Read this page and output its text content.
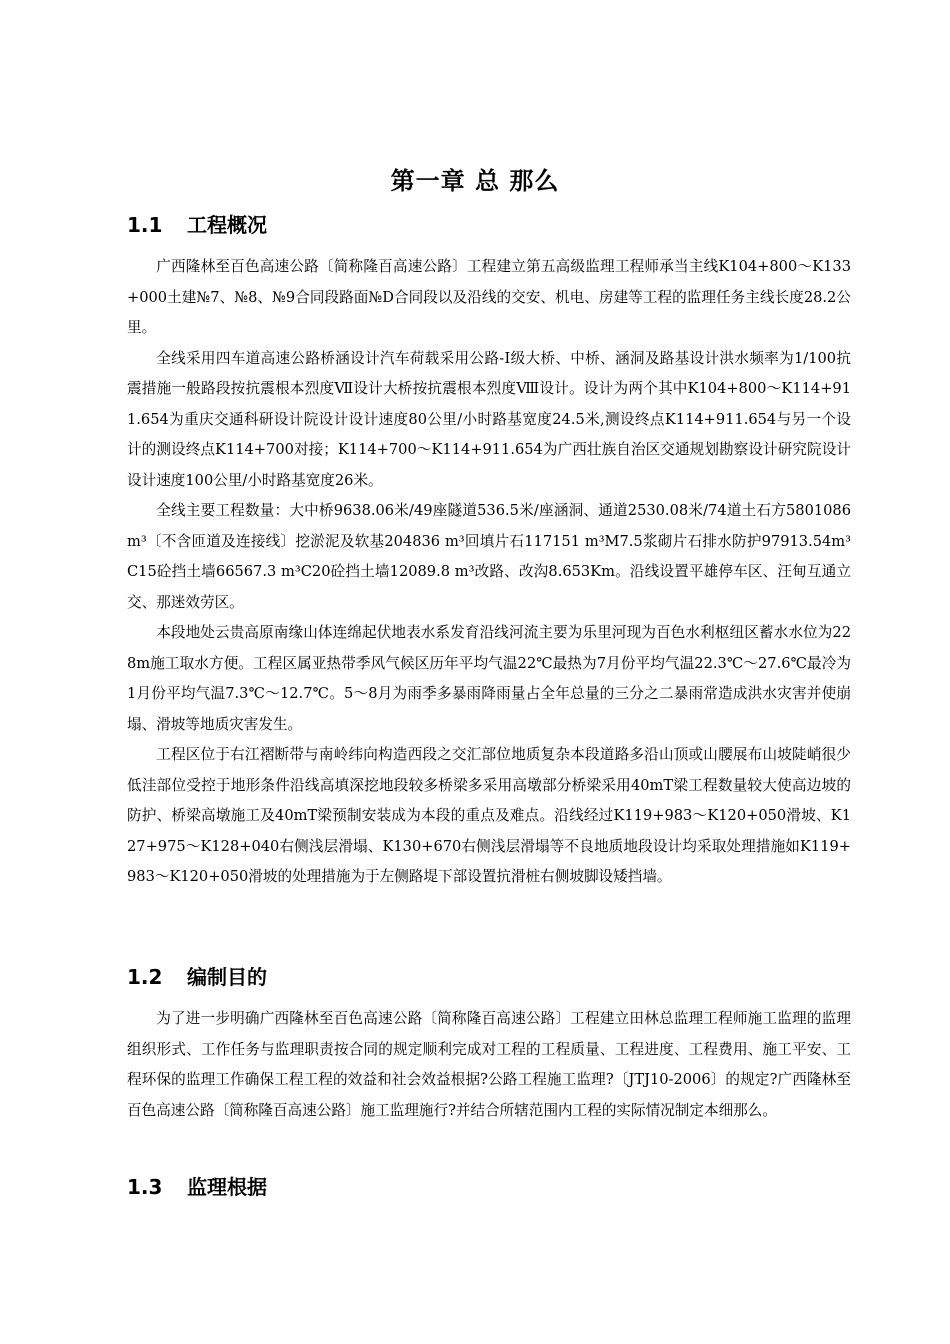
第一章 总 那么
1.1 工程概况

广西隆林至百色高速公路〔简称隆百高速公路〕工程建立第五高级监理工程师承当主线K104+800～K133+000土建№7、№8、№9合同段路面№D合同段以及沿线的交安、机电、房建等工程的监理任务主线长度28.2公里。

全线采用四车道高速公路桥涵设计汽车荷载采用公路-Ⅰ级大桥、中桥、涵洞及路基设计洪水频率为1/100抗震措施一般路段按抗震根本烈度Ⅶ设计大桥按抗震根本烈度Ⅷ设计。设计为两个其中K104+800～K114+911.654为重庆交通科研设计院设计设计速度80公里/小时路基宽度24.5米,测设终点K114+911.654与另一个设计的测设终点K114+700对接；K114+700～K114+911.654为广西壮族自治区交通规划勘察设计研究院设计设计速度100公里/小时路基宽度26米。

全线主要工程数量：大中桥9638.06米/49座隧道536.5米/座涵洞、通道2530.08米/74道土石方5801086m³〔不含匝道及连接线〕挖淤泥及软基204836 m³回填片石117151 m³M7.5浆砌片石排水防护97913.54m³C15砼挡土墙66567.3 m³C20砼挡土墙12089.8 m³改路、改沟8.653Km。沿线设置平雄停车区、汪甸互通立交、那迷效劳区。

本段地处云贵高原南缘山体连绵起伏地表水系发育沿线河流主要为乐里河现为百色水利枢纽区蓄水水位为228m施工取水方便。工程区属亚热带季风气候区历年平均气温22℃最热为7月份平均气温22.3℃～27.6℃最冷为1月份平均气温7.3℃～12.7℃。5～8月为雨季多暴雨降雨量占全年总量的三分之二暴雨常造成洪水灾害并使崩塌、滑坡等地质灾害发生。

工程区位于右江褶断带与南岭纬向构造西段之交汇部位地质复杂本段道路多沿山顶或山腰展布山坡陡峭很少低洼部位受控于地形条件沿线高填深挖地段较多桥梁多采用高墩部分桥梁采用40mT梁工程数量较大使高边坡的防护、桥梁高墩施工及40mT梁预制安装成为本段的重点及难点。沿线经过K119+983～K120+050滑坡、K127+975～K128+040右侧浅层滑塌、K130+670右侧浅层滑塌等不良地质地段设计均采取处理措施如K119+983～K120+050滑坡的处理措施为于左侧路堤下部设置抗滑桩右侧坡脚设矮挡墙。

1.2 编制目的

为了进一步明确广西隆林至百色高速公路〔简称隆百高速公路〕工程建立田林总监理工程师施工监理的监理组织形式、工作任务与监理职责按合同的规定顺利完成对工程的工程质量、工程进度、工程费用、施工平安、工程环保的监理工作确保工程工程的效益和社会效益根据?公路工程施工监理?〔JTJ10-2006〕的规定?广西隆林至百色高速公路〔简称隆百高速公路〕施工监理施行?并结合所辖范围内工程的实际情况制定本细那么。

1.3 监理根据
